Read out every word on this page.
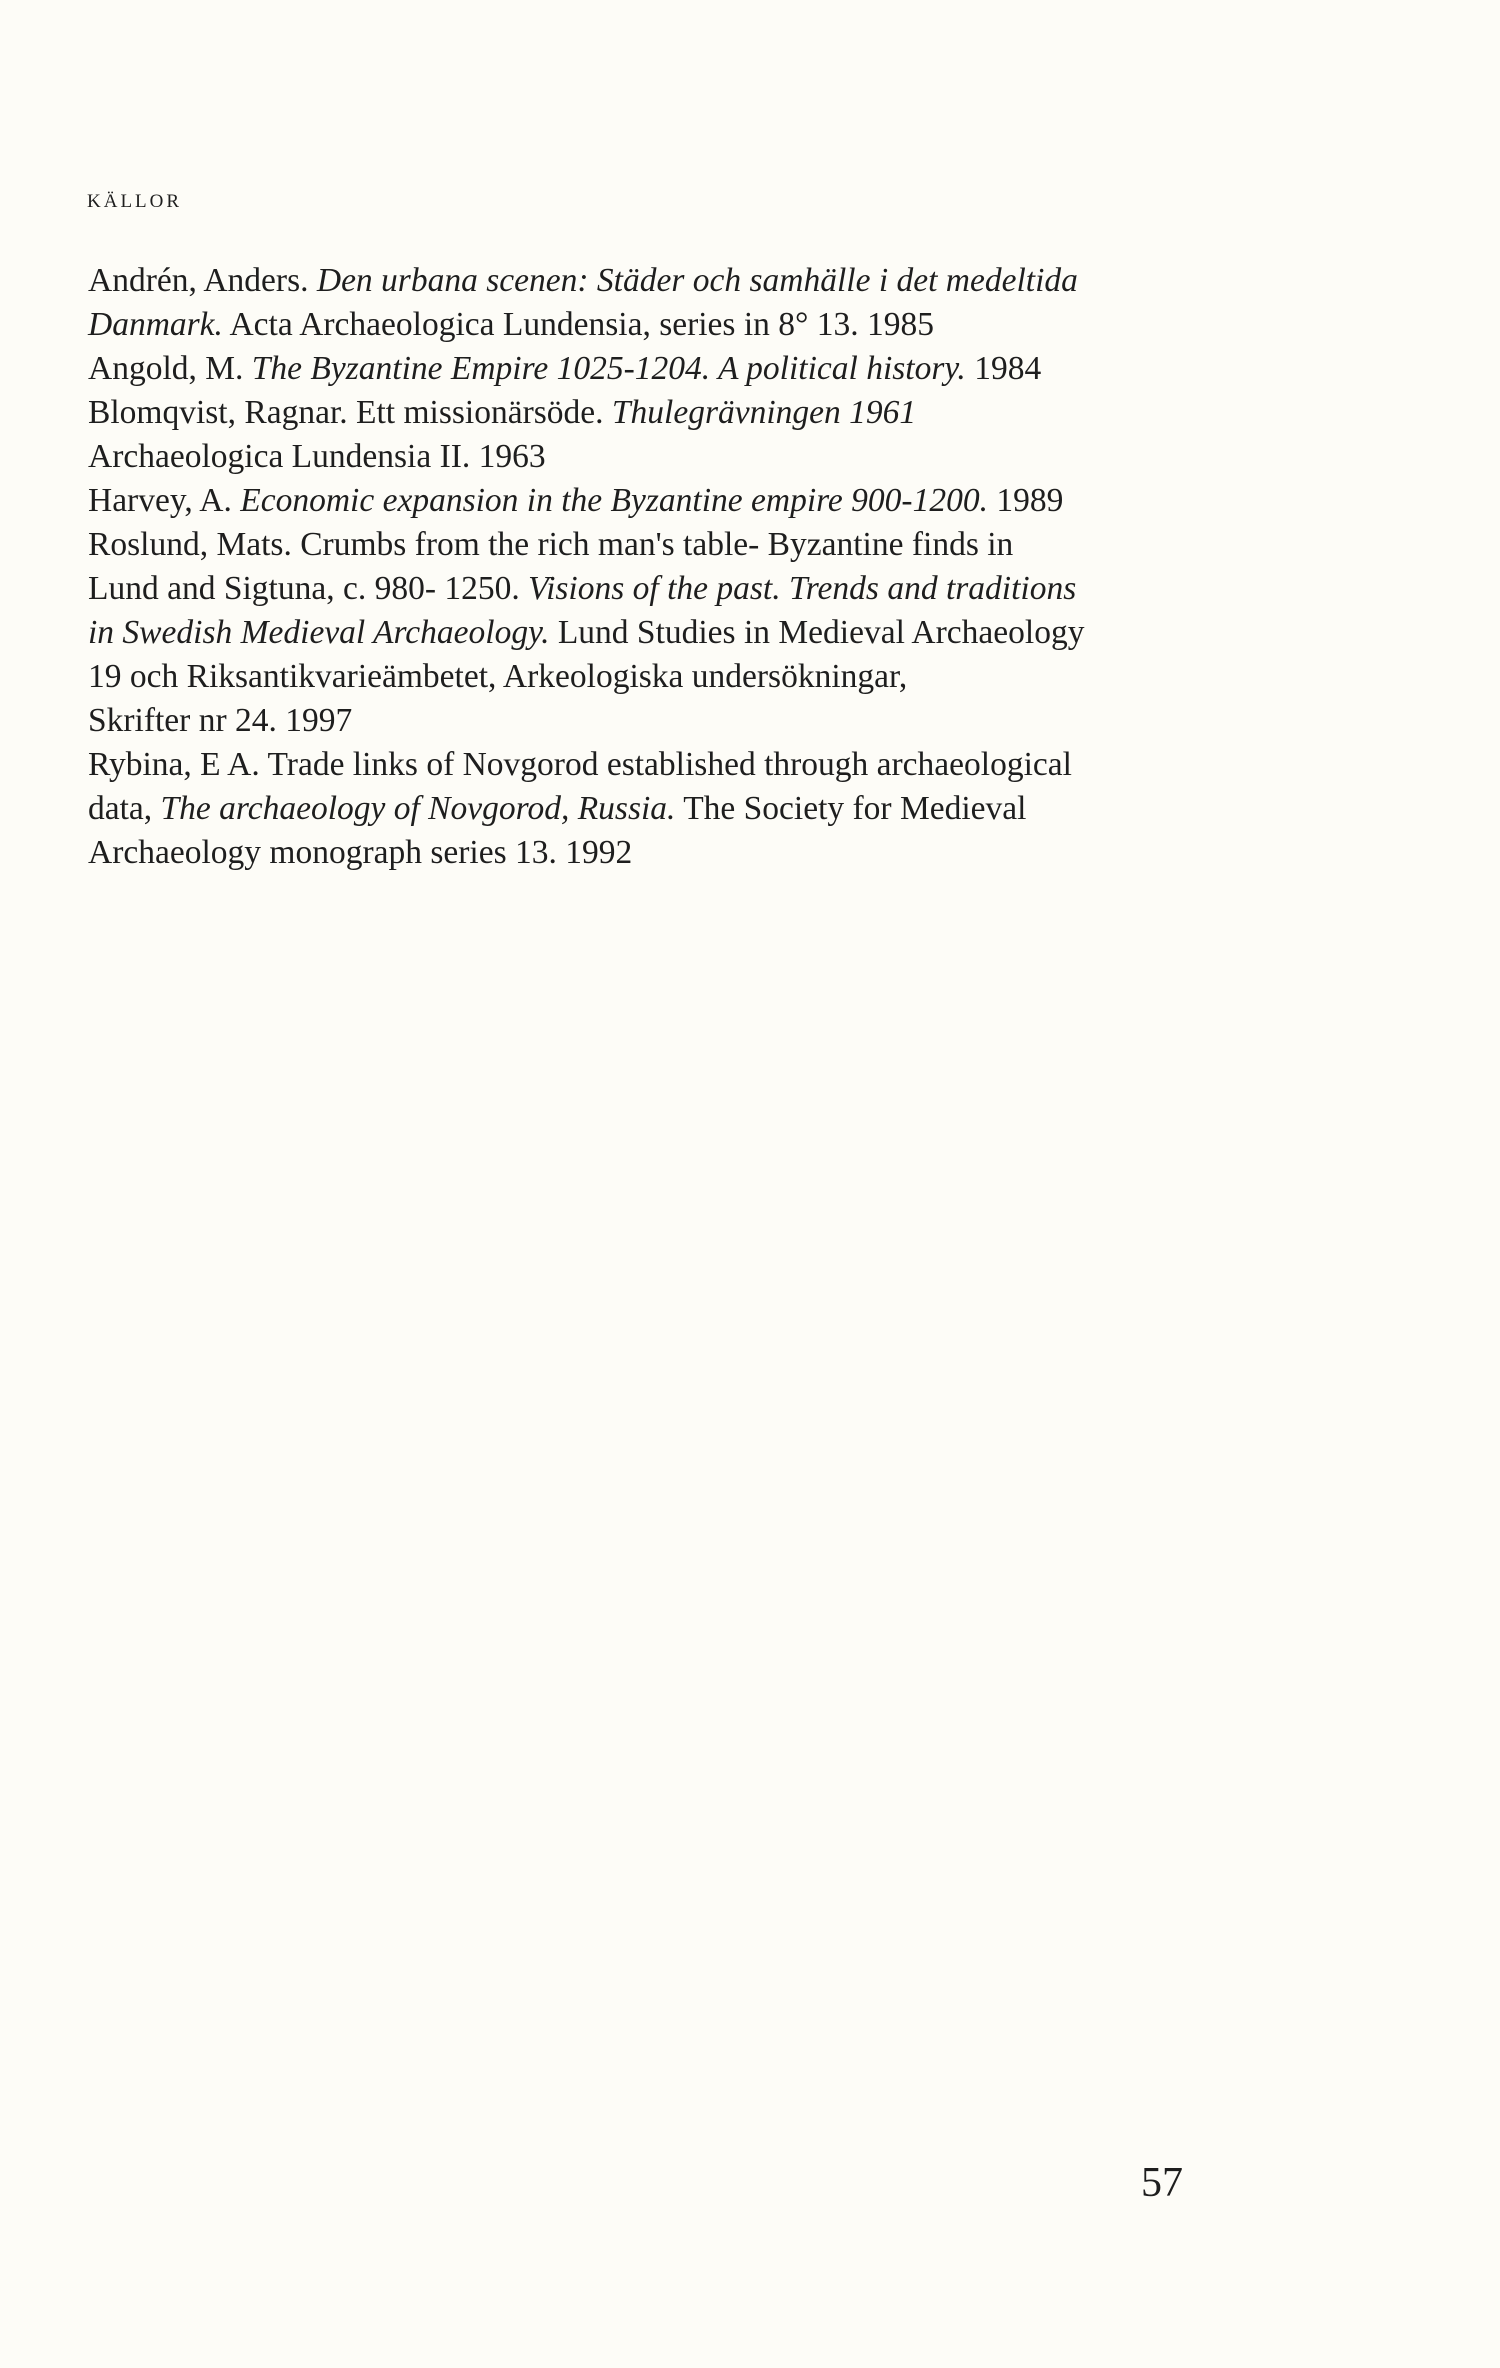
KÄLLOR

Andrén, Anders. Den urbana scenen: Städer och samhälle i det medeltida

Danmark. Acta Archaeologica Lundensia, series in 8° 13. 1985

Angold, M. The Byzantine Empire 1025-1204. A political history. 1984

Blomqvist, Ragnar. Ett missionärsöde. Thulegrävningen 1961

Archaeologica Lundensia II. 1963

Harvey, A. Economic expansion in the Byzantine empire 900-1200. 1989

Roslund, Mats. Crumbs from the rich man's table- Byzantine finds in

Lund and Sigtuna, c. 980- 1250. Visions of the past. Trends and traditions

in Swedish Medieval Archaeology. Lund Studies in Medieval Archaeology

19 och Riksantikvarieämbetet, Arkeologiska undersökningar,

Skrifter nr 24. 1997

Rybina, E A. Trade links of Novgorod established through archaeological

data, The archaeology of Novgorod, Russia. The Society for Medieval

Archaeology monograph series 13. 1992

57
